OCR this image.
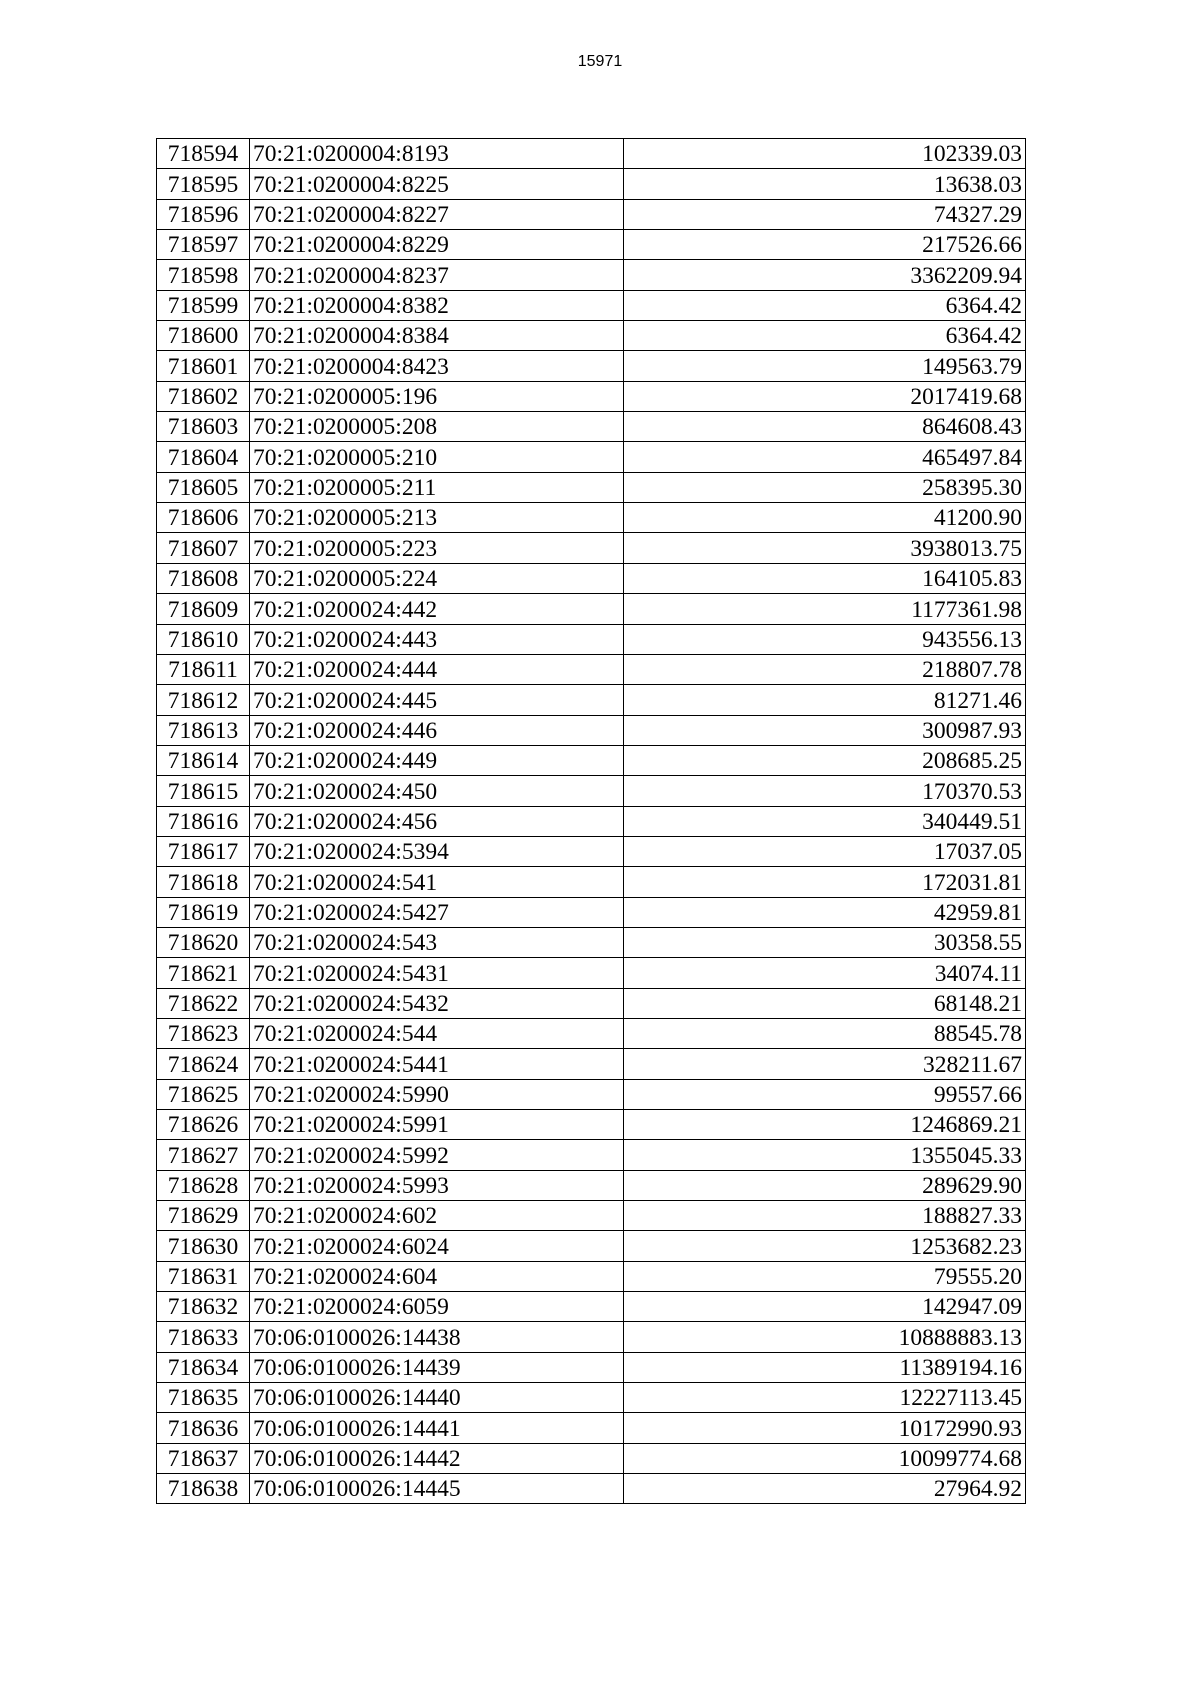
15971
718594	70:21:0200004:8193	102339.03
718595	70:21:0200004:8225	13638.03
718596	70:21:0200004:8227	74327.29
718597	70:21:0200004:8229	217526.66
718598	70:21:0200004:8237	3362209.94
718599	70:21:0200004:8382	6364.42
718600	70:21:0200004:8384	6364.42
718601	70:21:0200004:8423	149563.79
718602	70:21:0200005:196	2017419.68
718603	70:21:0200005:208	864608.43
718604	70:21:0200005:210	465497.84
718605	70:21:0200005:211	258395.30
718606	70:21:0200005:213	41200.90
718607	70:21:0200005:223	3938013.75
718608	70:21:0200005:224	164105.83
718609	70:21:0200024:442	1177361.98
718610	70:21:0200024:443	943556.13
718611	70:21:0200024:444	218807.78
718612	70:21:0200024:445	81271.46
718613	70:21:0200024:446	300987.93
718614	70:21:0200024:449	208685.25
718615	70:21:0200024:450	170370.53
718616	70:21:0200024:456	340449.51
718617	70:21:0200024:5394	17037.05
718618	70:21:0200024:541	172031.81
718619	70:21:0200024:5427	42959.81
718620	70:21:0200024:543	30358.55
718621	70:21:0200024:5431	34074.11
718622	70:21:0200024:5432	68148.21
718623	70:21:0200024:544	88545.78
718624	70:21:0200024:5441	328211.67
718625	70:21:0200024:5990	99557.66
718626	70:21:0200024:5991	1246869.21
718627	70:21:0200024:5992	1355045.33
718628	70:21:0200024:5993	289629.90
718629	70:21:0200024:602	188827.33
718630	70:21:0200024:6024	1253682.23
718631	70:21:0200024:604	79555.20
718632	70:21:0200024:6059	142947.09
718633	70:06:0100026:14438	10888883.13
718634	70:06:0100026:14439	11389194.16
718635	70:06:0100026:14440	12227113.45
718636	70:06:0100026:14441	10172990.93
718637	70:06:0100026:14442	10099774.68
718638	70:06:0100026:14445	27964.92
